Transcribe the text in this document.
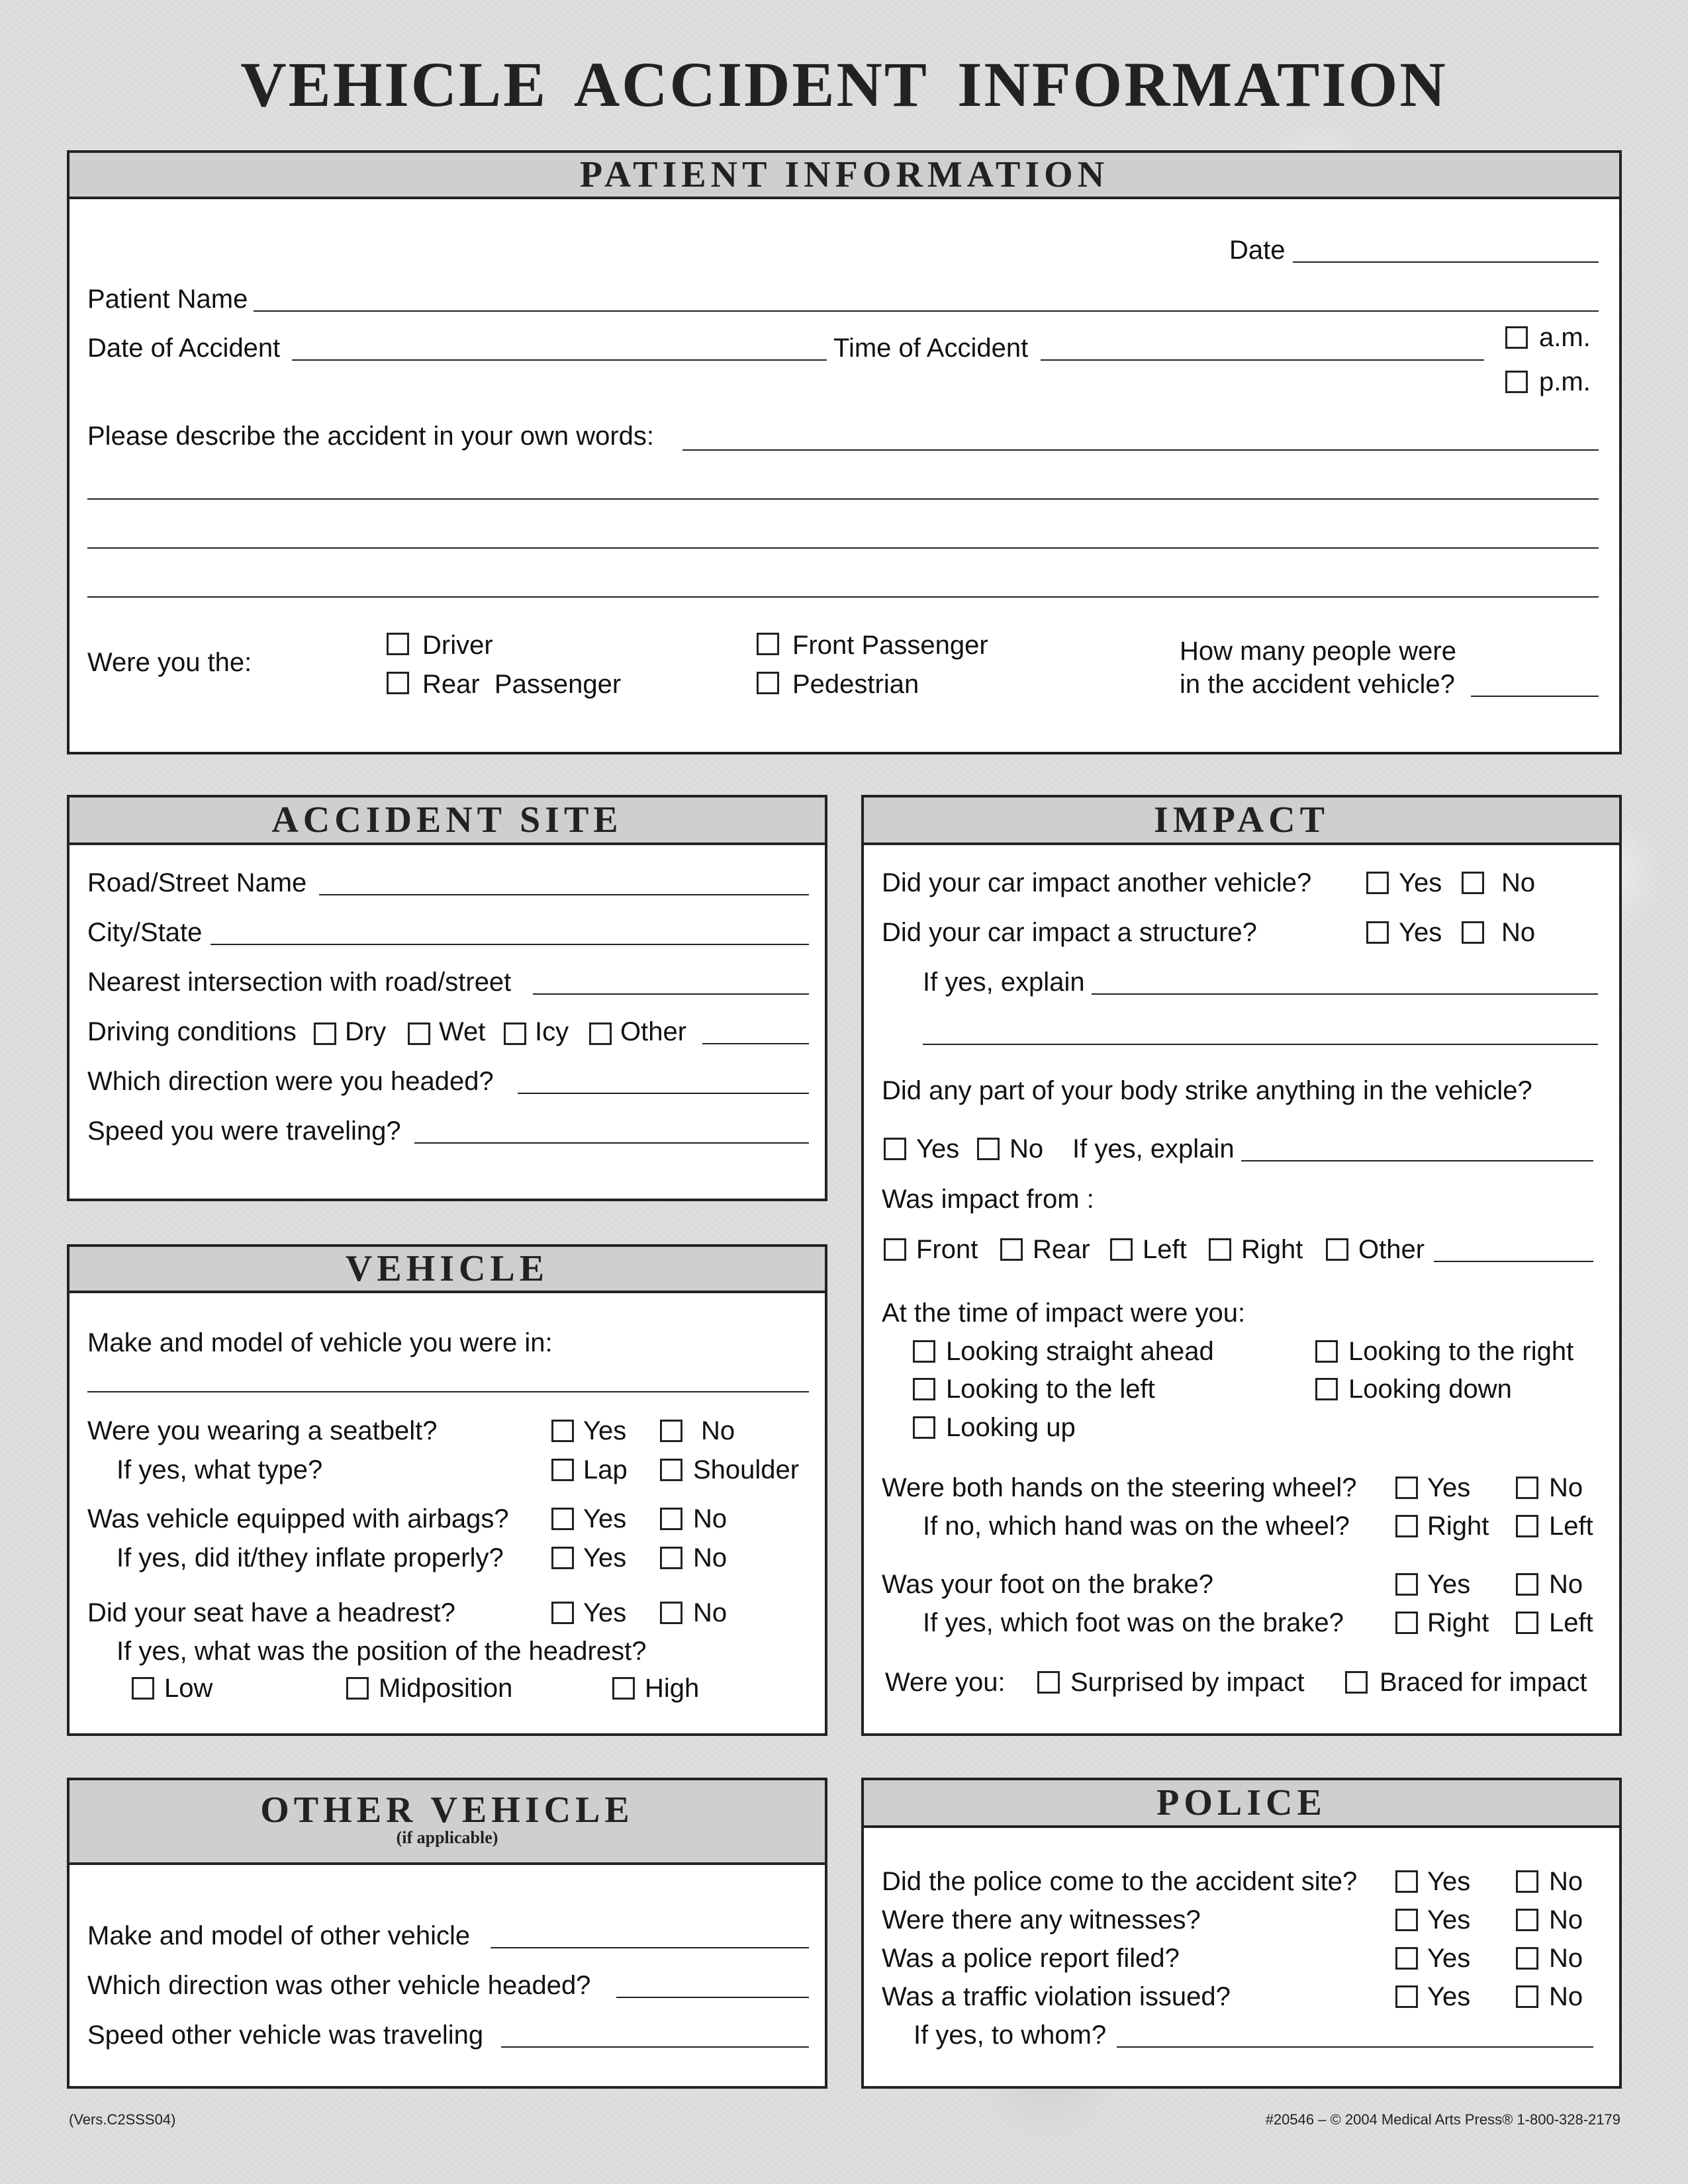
VEHICLE ACCIDENT INFORMATION
PATIENT INFORMATION
Date
Patient Name
Date of Accident	Time of Accident	a.m.
p.m.
Please describe the accident in your own words:
Were you the:
Driver
Rear  Passenger
Front Passenger
Pedestrian
How many people were
in the accident vehicle?
ACCIDENT SITE
Road/Street Name
City/State
Nearest intersection with road/street
Driving conditions Dry Wet Icy Other
Which direction were you headed?
Speed you were traveling?
VEHICLE
Make and model of vehicle you were in:
Were you wearing a seatbelt?	Yes	No
If yes, what type?	Lap Shoulder
Was vehicle equipped with airbags?	Yes	No
If yes, did it/they inflate properly?	Yes	No
Did your seat have a headrest?	Yes	No
If yes, what was the position of the headrest?
Low	Midposition	High
OTHER VEHICLE
(if applicable)
Make and model of other vehicle
Which direction was other vehicle headed?
Speed other vehicle was traveling
IMPACT
Did your car impact another vehicle?	Yes No
Did your car impact a structure?	Yes No
If yes, explain
Did any part of your body strike anything in the vehicle?
Yes No If yes, explain
Was impact from :
Front Rear Left Right Other
At the time of impact were you:
Looking straight ahead	Looking to the right
Looking to the left	Looking down
Looking up
Were both hands on the steering wheel?	Yes	No
If no, which hand was on the wheel?	Right Left
Was your foot on the brake?	Yes	No
If yes, which foot was on the brake?	Right Left
Were you: Surprised by impact	Braced for impact
POLICE
Did the police come to the accident site?	Yes	No
Were there any witnesses?	Yes	No
Was a police report filed?	Yes	No
Was a traffic violation issued?	Yes	No
If yes, to whom?
(Vers.C2SSS04)	#20546 – © 2004 Medical Arts Press® 1-800-328-2179
